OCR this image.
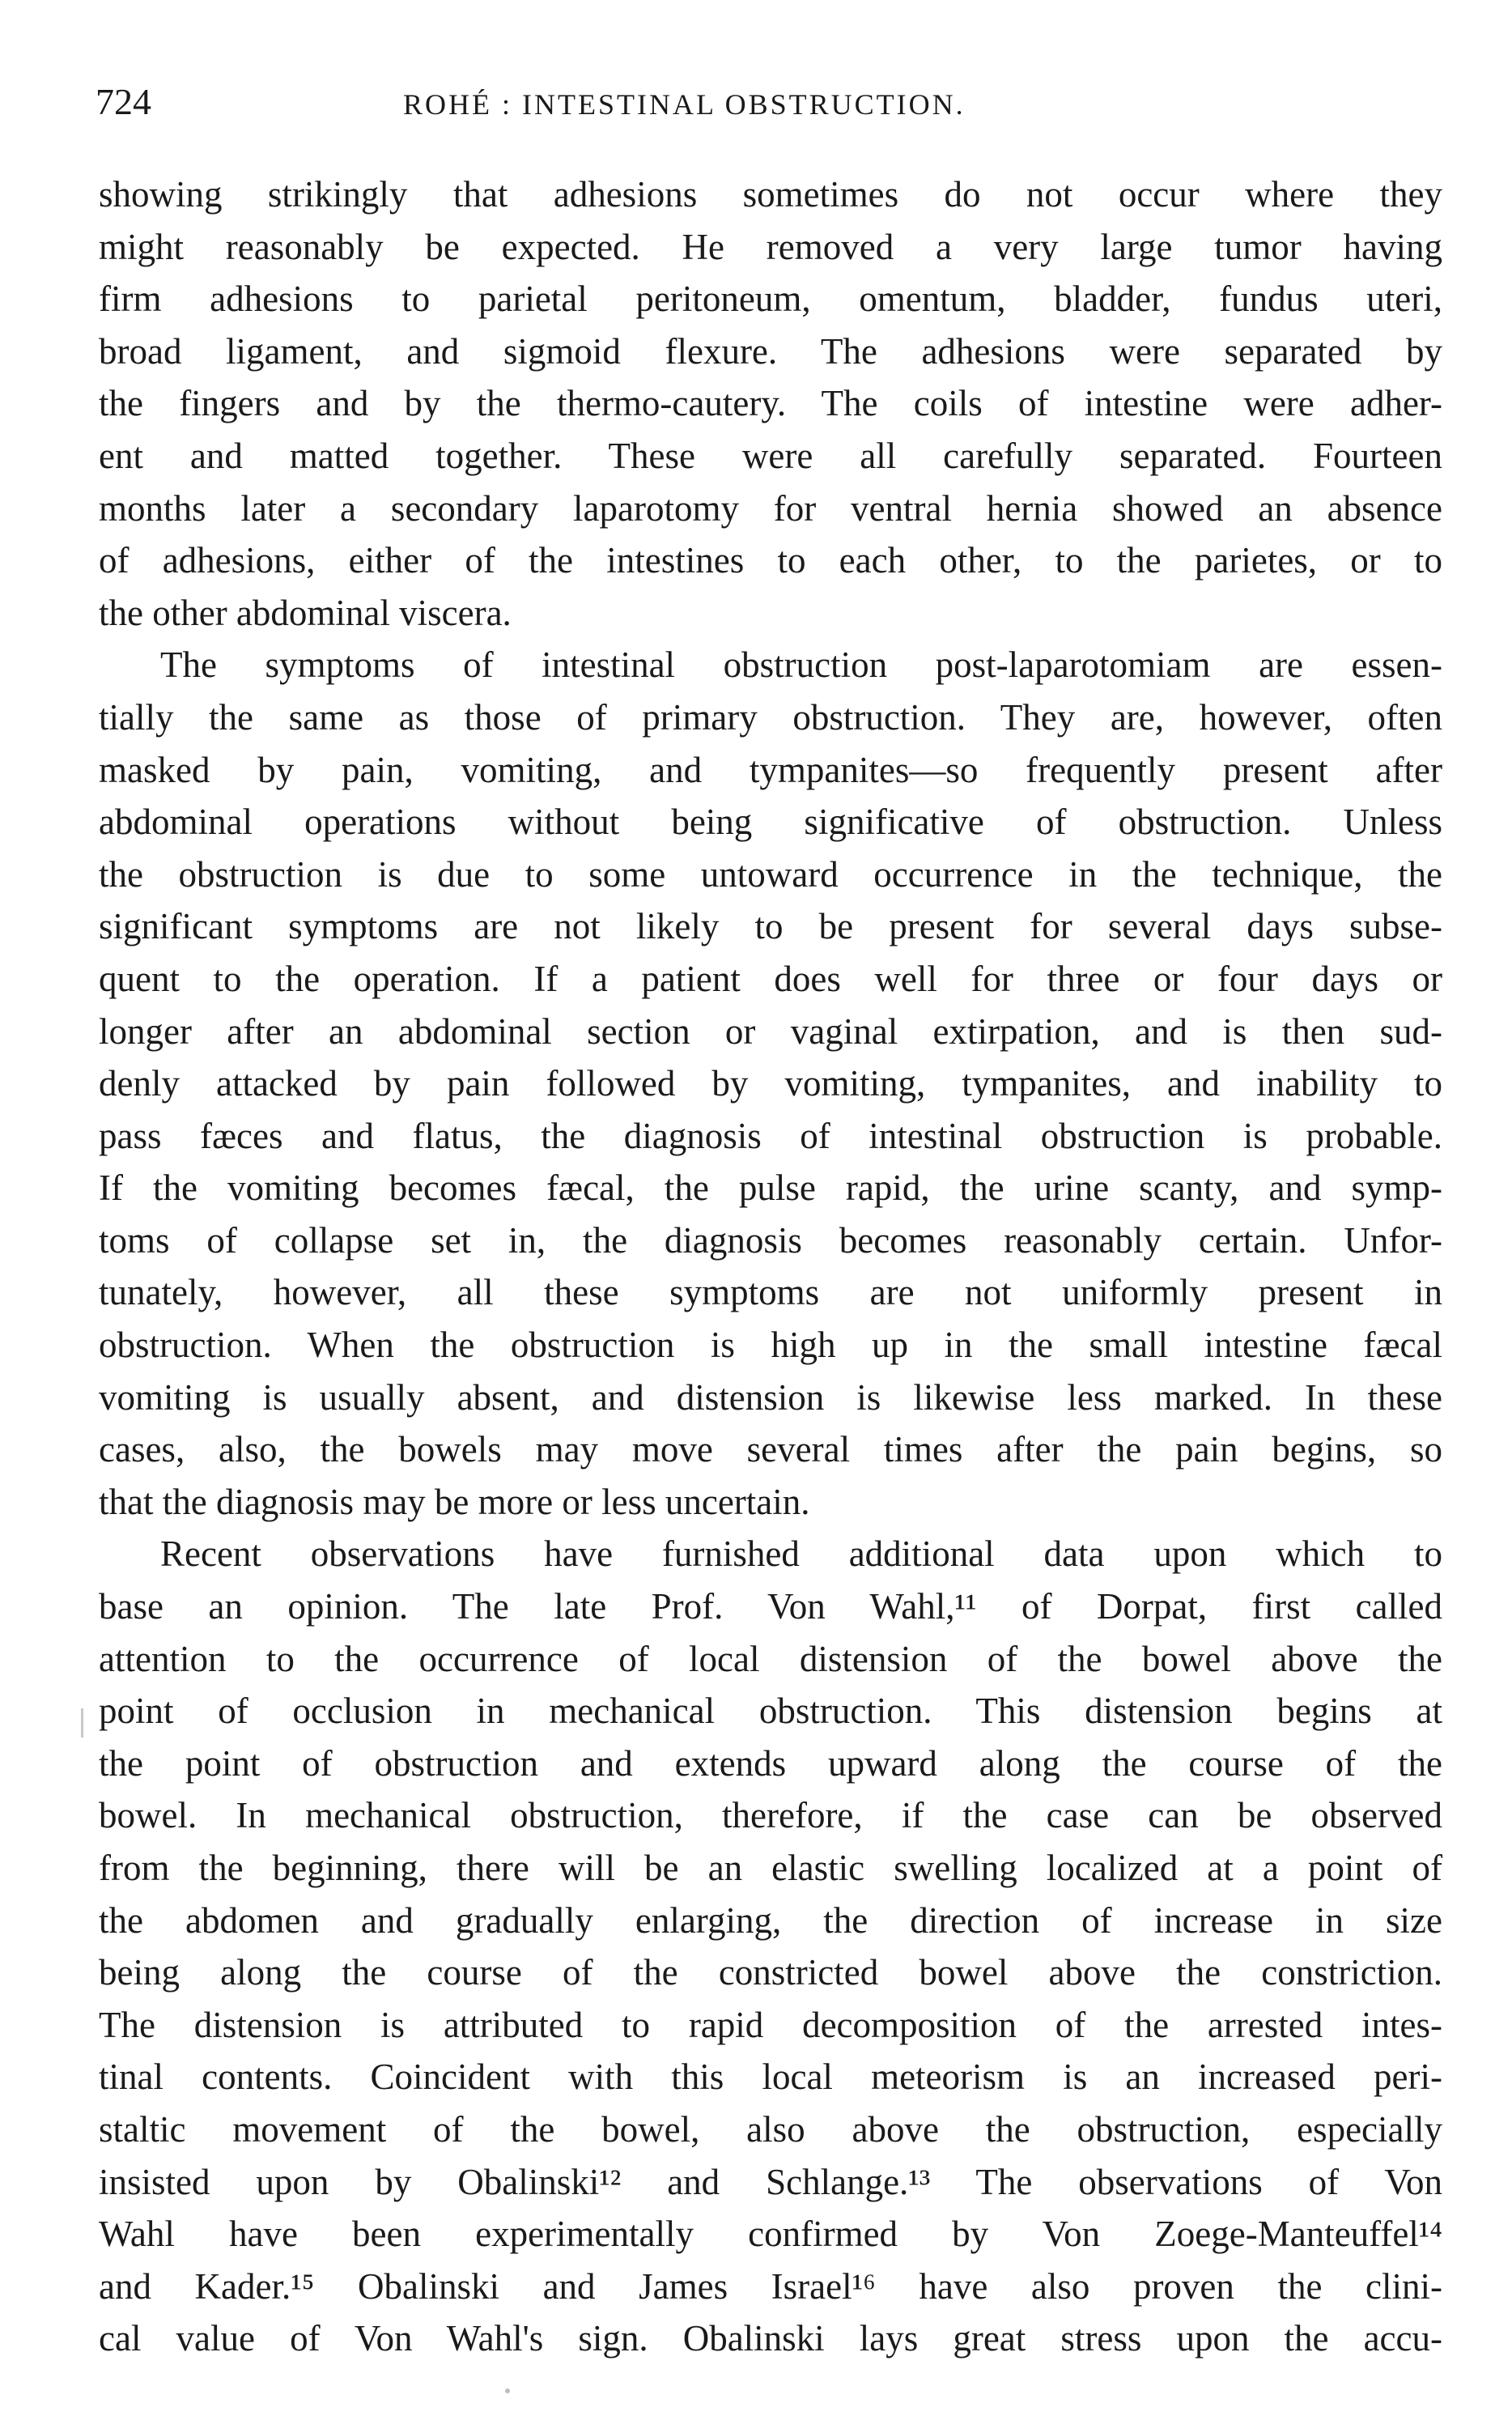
724	ROHÉ : INTESTINAL OBSTRUCTION.
showing strikingly that adhesions sometimes do not occur where they
might reasonably be expected. He removed a very large tumor having
firm adhesions to parietal peritoneum, omentum, bladder, fundus uteri,
broad ligament, and sigmoid flexure. The adhesions were separated by
the fingers and by the thermo-cautery. The coils of intestine were adher-
ent and matted together. These were all carefully separated. Fourteen
months later a secondary laparotomy for ventral hernia showed an absence
of adhesions, either of the intestines to each other, to the parietes, or to
the other abdominal viscera.
The symptoms of intestinal obstruction post-laparotomiam are essen-
tially the same as those of primary obstruction. They are, however, often
masked by pain, vomiting, and tympanites—so frequently present after
abdominal operations without being significative of obstruction. Unless
the obstruction is due to some untoward occurrence in the technique, the
significant symptoms are not likely to be present for several days subse-
quent to the operation. If a patient does well for three or four days or
longer after an abdominal section or vaginal extirpation, and is then sud-
denly attacked by pain followed by vomiting, tympanites, and inability to
pass fæces and flatus, the diagnosis of intestinal obstruction is probable.
If the vomiting becomes fæcal, the pulse rapid, the urine scanty, and symp-
toms of collapse set in, the diagnosis becomes reasonably certain. Unfor-
tunately, however, all these symptoms are not uniformly present in
obstruction. When the obstruction is high up in the small intestine fæcal
vomiting is usually absent, and distension is likewise less marked. In these
cases, also, the bowels may move several times after the pain begins, so
that the diagnosis may be more or less uncertain.
Recent observations have furnished additional data upon which to
base an opinion. The late Prof. Von Wahl,¹¹ of Dorpat, first called
attention to the occurrence of local distension of the bowel above the
point of occlusion in mechanical obstruction. This distension begins at
the point of obstruction and extends upward along the course of the
bowel. In mechanical obstruction, therefore, if the case can be observed
from the beginning, there will be an elastic swelling localized at a point of
the abdomen and gradually enlarging, the direction of increase in size
being along the course of the constricted bowel above the constriction.
The distension is attributed to rapid decomposition of the arrested intes-
tinal contents. Coincident with this local meteorism is an increased peri-
staltic movement of the bowel, also above the obstruction, especially
insisted upon by Obalinski¹² and Schlange.¹³ The observations of Von
Wahl have been experimentally confirmed by Von Zoege-Manteuffel¹⁴
and Kader.¹⁵ Obalinski and James Israel¹⁶ have also proven the clini-
cal value of Von Wahl's sign. Obalinski lays great stress upon the accu-
